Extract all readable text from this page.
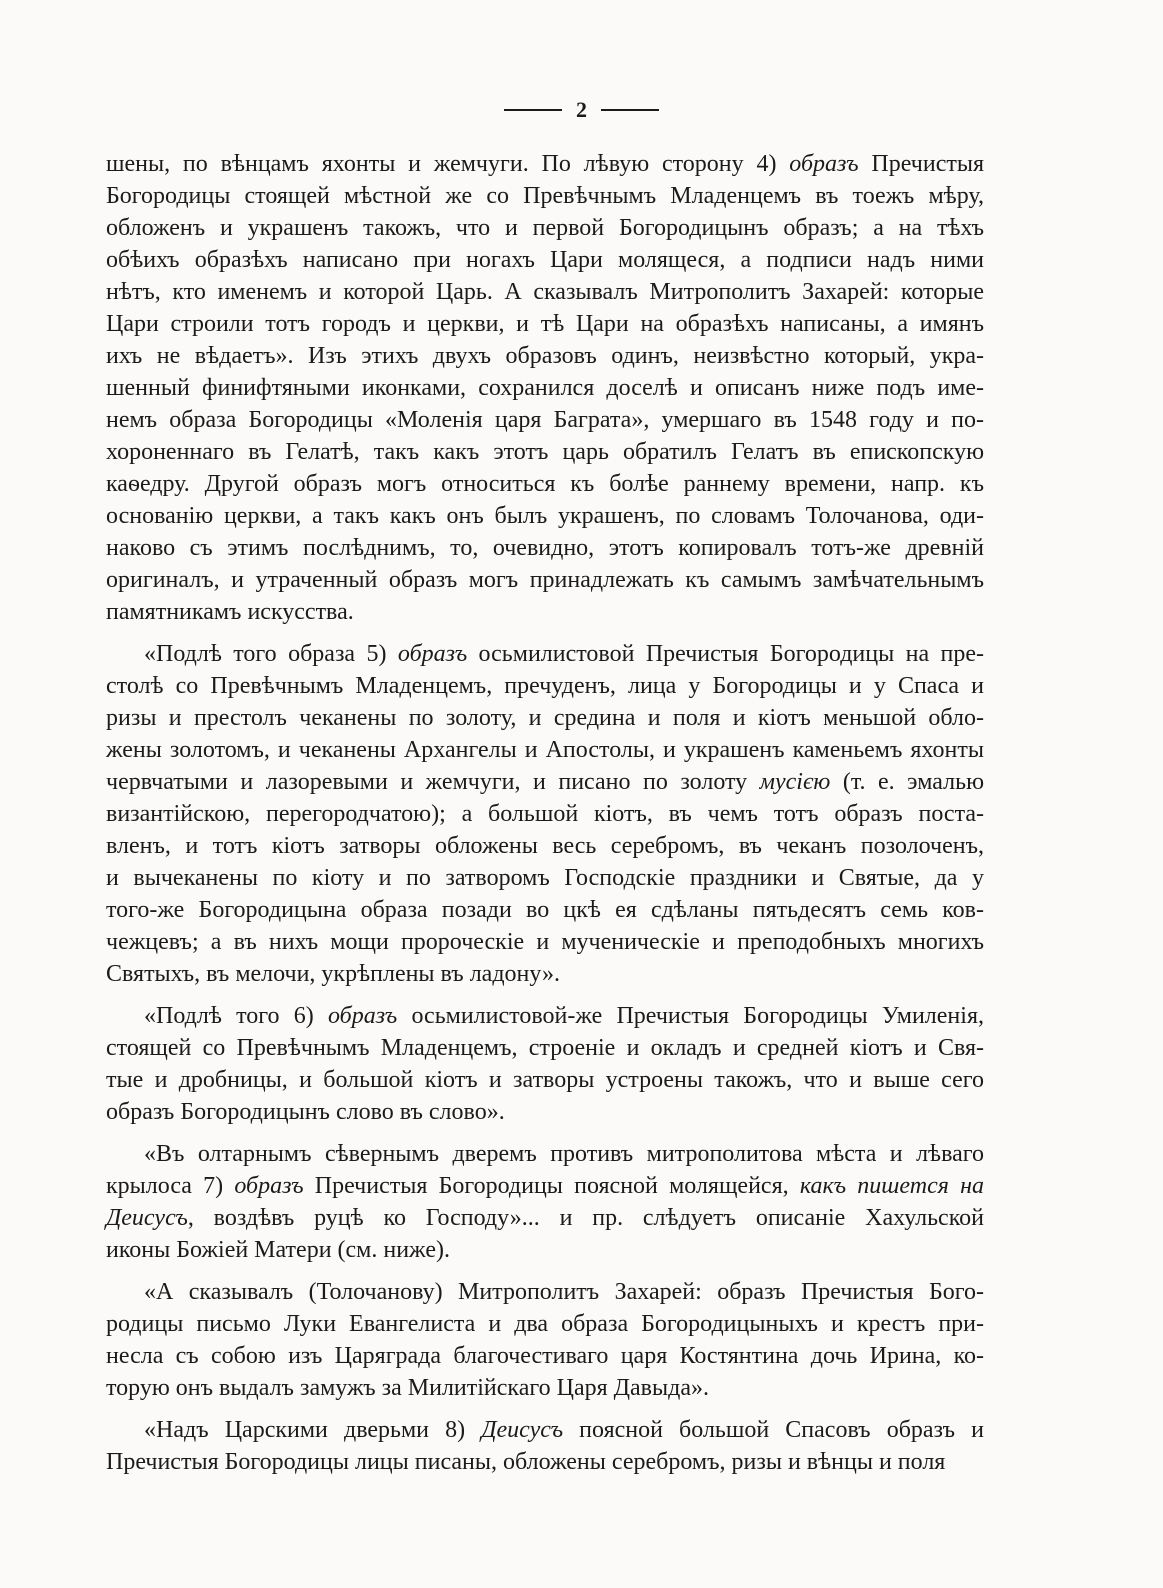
2
шены, по вѣнцамъ яхонты и жемчуги. По лѣвую сторону 4) образъ Пречистыя
Богородицы стоящей мѣстной же со Превѣчнымъ Младенцемъ въ тоежъ мѣру,
обложенъ и украшенъ такожъ, что и первой Богородицынъ образъ; а на тѣхъ
обѣихъ образѣхъ написано при ногахъ Цари молящеся, а подписи надъ ними
нѣтъ, кто именемъ и которой Царь. А сказывалъ Митрополитъ Захарей: которые
Цари строили тотъ городъ и церкви, и тѣ Цари на образѣхъ написаны, а имянъ
ихъ не вѣдаетъ». Изъ этихъ двухъ образовъ одинъ, неизвѣстно который, укра-
шенный финифтяными иконками, сохранился доселѣ и описанъ ниже подъ име-
немъ образа Богородицы «Моленія царя Баграта», умершаго въ 1548 году и по-
хороненнаго въ Гелатѣ, такъ какъ этотъ царь обратилъ Гелатъ въ епископскую
каѳедру. Другой образъ могъ относиться къ болѣе раннему времени, напр. къ
основанію церкви, а такъ какъ онъ былъ украшенъ, по словамъ Толочанова, оди-
наково съ этимъ послѣднимъ, то, очевидно, этотъ копировалъ тотъ-же древній
оригиналъ, и утраченный образъ могъ принадлежать къ самымъ замѣчательнымъ
памятникамъ искусства.
«Подлѣ того образа 5) образъ осьмилистовой Пречистыя Богородицы на пре-
столѣ со Превѣчнымъ Младенцемъ, пречуденъ, лица у Богородицы и у Спаса и
ризы и престолъ чеканены по золоту, и средина и поля и кіотъ меньшой обло-
жены золотомъ, и чеканены Архангелы и Апостолы, и украшенъ каменьемъ яхонты
червчатыми и лазоревыми и жемчуги, и писано по золоту мусією (т. е. эмалью
византійскою, перегородчатою); а большой кіотъ, въ чемъ тотъ образъ поста-
вленъ, и тотъ кіотъ затворы обложены весь серебромъ, въ чеканъ позолоченъ,
и вычеканены по кіоту и по затворомъ Господскіе праздники и Святые, да у
того-же Богородицына образа позади во цкѣ ея сдѣланы пятьдесятъ семь ков-
чежцевъ; а въ нихъ мощи пророческіе и мученическіе и преподобныхъ многихъ
Святыхъ, въ мелочи, укрѣплены въ ладону».
«Подлѣ того 6) образъ осьмилистовой-же Пречистыя Богородицы Умиленія,
стоящей со Превѣчнымъ Младенцемъ, строеніе и окладъ и средней кіотъ и Свя-
тые и дробницы, и большой кіотъ и затворы устроены такожъ, что и выше сего
образъ Богородицынъ слово въ слово».
«Въ олтарнымъ сѣвернымъ дверемъ противъ митрополитова мѣста и лѣваго
крылоса 7) образъ Пречистыя Богородицы поясной молящейся, какъ пишется на
Деисусъ, воздѣвъ руцѣ ко Господу»... и пр. слѣдуетъ описаніе Хахульской
иконы Божіей Матери (см. ниже).
«А сказывалъ (Толочанову) Митрополитъ Захарей: образъ Пречистыя Бого-
родицы письмо Луки Евангелиста и два образа Богородицыныхъ и крестъ при-
несла съ собою изъ Царяграда благочестиваго царя Костянтина дочь Ирина, ко-
торую онъ выдалъ замужъ за Милитійскаго Царя Давыда».
«Надъ Царскими дверьми 8) Деисусъ поясной большой Спасовъ образъ и
Пречистыя Богородицы лицы писаны, обложены серебромъ, ризы и вѣнцы и поля
